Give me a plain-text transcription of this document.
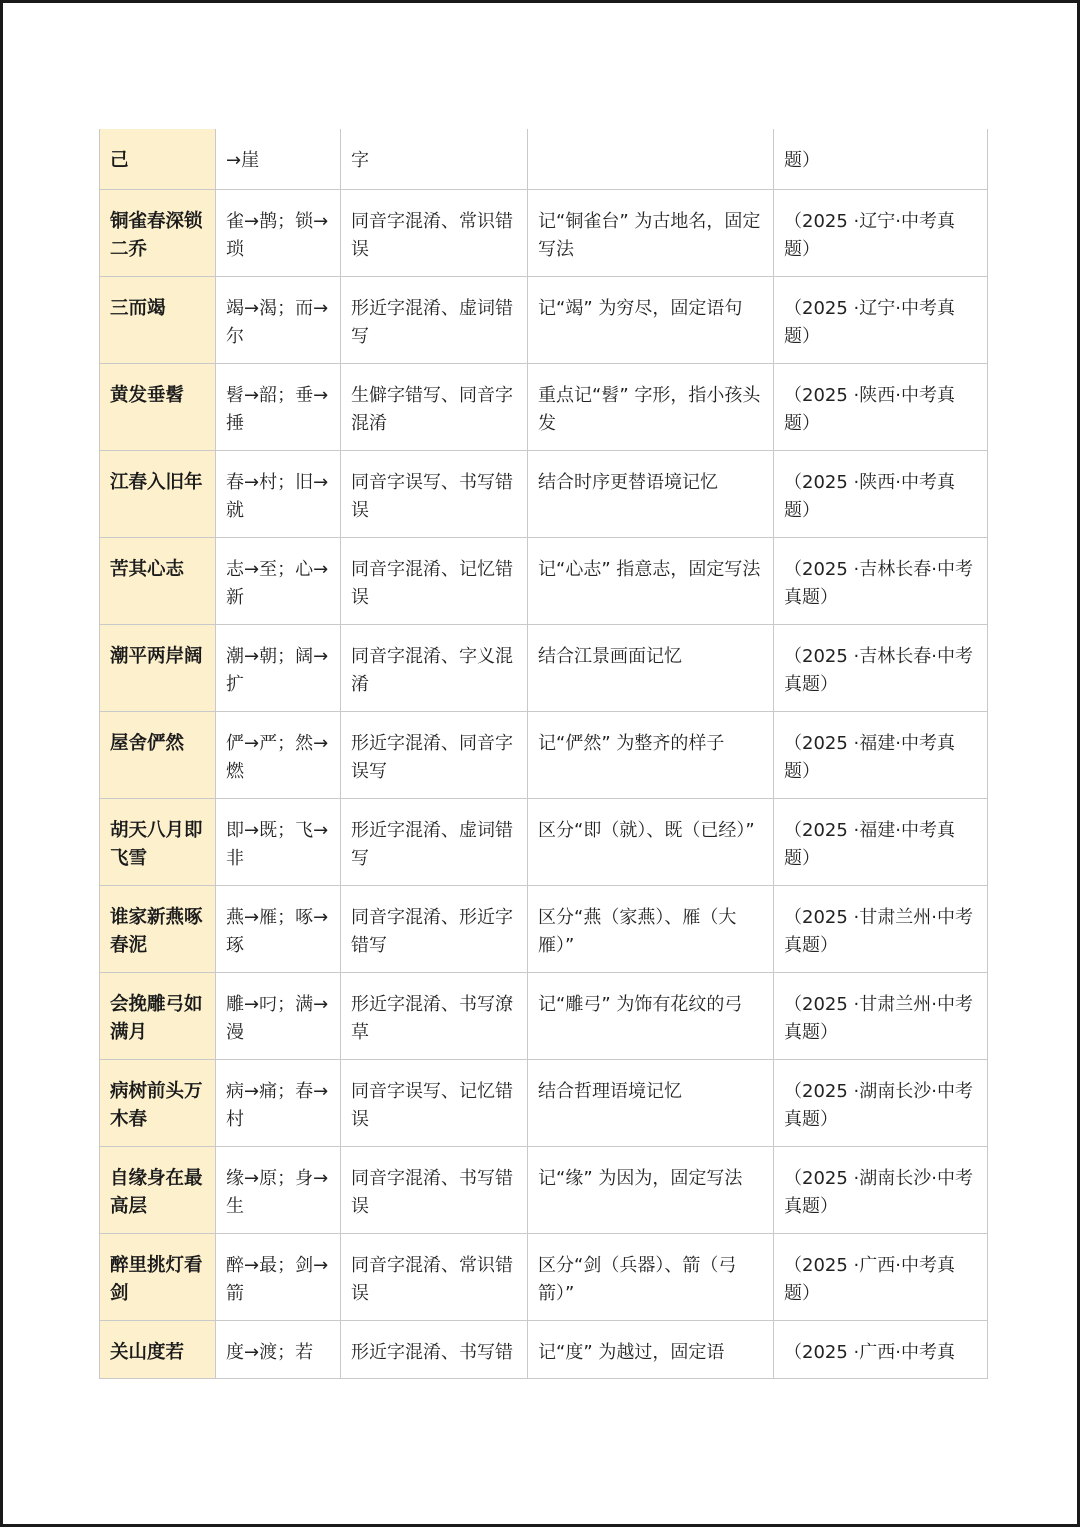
己	→崖	字		题）
铜雀春深锁二乔	雀→鹊；锁→琐	同音字混淆、常识错误	记“铜雀台” 为古地名，固定写法	（2025 ·辽宁·中考真题）
三而竭	竭→渴；而→尔	形近字混淆、虚词错写	记“竭” 为穷尽，固定语句	（2025 ·辽宁·中考真题）
黄发垂髫	髫→韶；垂→捶	生僻字错写、同音字混淆	重点记“髫” 字形，指小孩头发	（2025 ·陕西·中考真题）
江春入旧年	春→村；旧→就	同音字误写、书写错误	结合时序更替语境记忆	（2025 ·陕西·中考真题）
苦其心志	志→至；心→新	同音字混淆、记忆错误	记“心志” 指意志，固定写法	（2025 ·吉林长春·中考真题）
潮平两岸阔	潮→朝；阔→扩	同音字混淆、字义混淆	结合江景画面记忆	（2025 ·吉林长春·中考真题）
屋舍俨然	俨→严；然→燃	形近字混淆、同音字误写	记“俨然” 为整齐的样子	（2025 ·福建·中考真题）
胡天八月即飞雪	即→既；飞→非	形近字混淆、虚词错写	区分“即（就）、既（已经）”	（2025 ·福建·中考真题）
谁家新燕啄春泥	燕→雁；啄→琢	同音字混淆、形近字错写	区分“燕（家燕）、雁（大雁）”	（2025 ·甘肃兰州·中考真题）
会挽雕弓如满月	雕→叼；满→漫	形近字混淆、书写潦草	记“雕弓” 为饰有花纹的弓	（2025 ·甘肃兰州·中考真题）
病树前头万木春	病→痛；春→村	同音字误写、记忆错误	结合哲理语境记忆	（2025 ·湖南长沙·中考真题）
自缘身在最高层	缘→原；身→生	同音字混淆、书写错误	记“缘” 为因为，固定写法	（2025 ·湖南长沙·中考真题）
醉里挑灯看剑	醉→最；剑→箭	同音字混淆、常识错误	区分“剑（兵器）、箭（弓箭）”	（2025 ·广西·中考真题）
关山度若	度→渡；若	形近字混淆、书写错	记“度” 为越过，固定语	（2025 ·广西·中考真
